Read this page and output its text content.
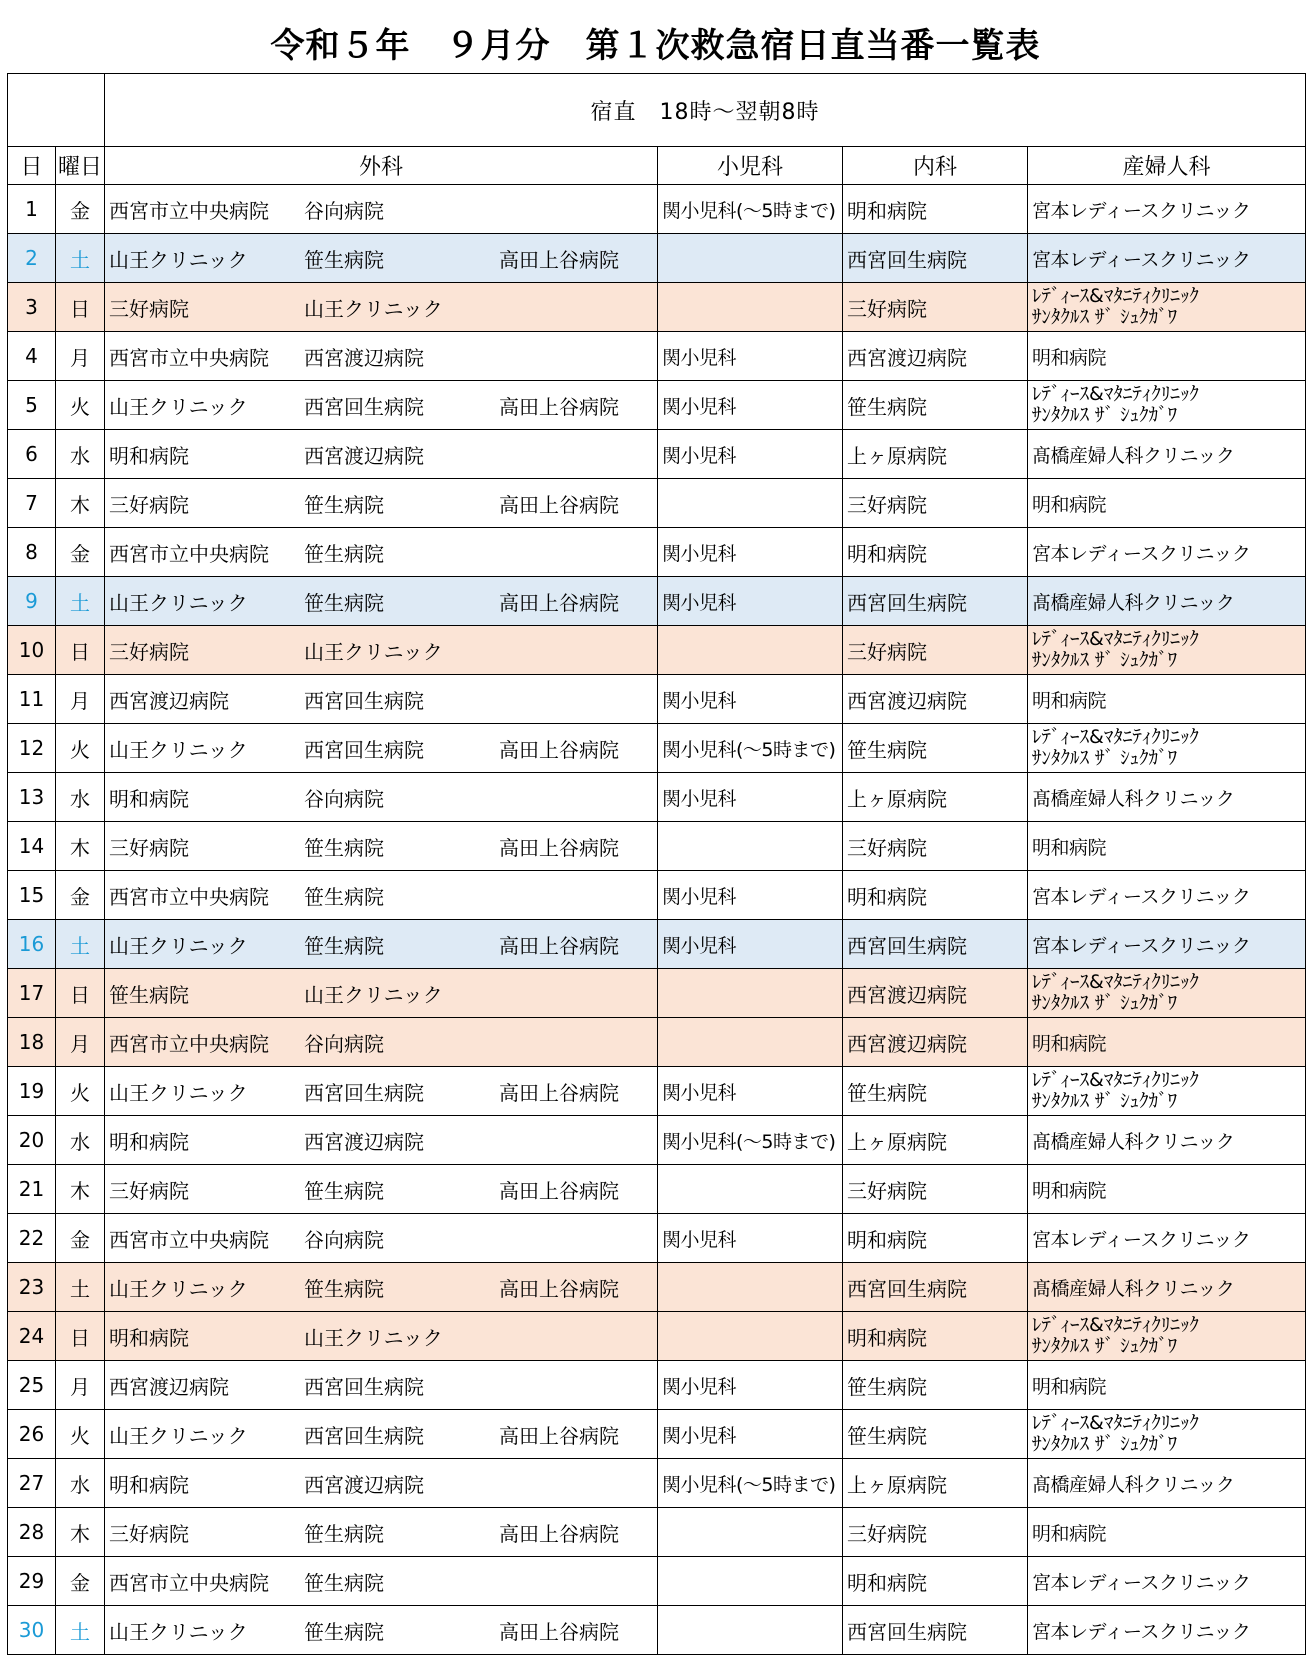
令和５年　９月分　第１次救急宿日直当番一覧表
		宿直　18時～翌朝8時			
日	曜日	外科	小児科	内科	産婦人科
1	金	西宮市立中央病院 谷向病院	関小児科(～5時まで)	明和病院	宮本レディースクリニック
2	土	山王クリニック 笹生病院 高田上谷病院		西宮回生病院	宮本レディースクリニック
3	日	三好病院 山王クリニック		三好病院	ﾚﾃﾞｨｰｽ&ﾏﾀﾆﾃｨｸﾘﾆｯｸ
ｻﾝﾀｸﾙｽ ｻﾞ ｼｭｸｶﾞﾜ

4	月	西宮市立中央病院 西宮渡辺病院	関小児科	西宮渡辺病院	明和病院
5	火	山王クリニック 西宮回生病院 高田上谷病院	関小児科	笹生病院	ﾚﾃﾞｨｰｽ&ﾏﾀﾆﾃｨｸﾘﾆｯｸ
ｻﾝﾀｸﾙｽ ｻﾞ ｼｭｸｶﾞﾜ

6	水	明和病院 西宮渡辺病院	関小児科	上ヶ原病院	髙橋産婦人科クリニック
7	木	三好病院 笹生病院 高田上谷病院		三好病院	明和病院
8	金	西宮市立中央病院 笹生病院	関小児科	明和病院	宮本レディースクリニック
9	土	山王クリニック 笹生病院 高田上谷病院	関小児科	西宮回生病院	髙橋産婦人科クリニック
10	日	三好病院 山王クリニック		三好病院	ﾚﾃﾞｨｰｽ&ﾏﾀﾆﾃｨｸﾘﾆｯｸ
ｻﾝﾀｸﾙｽ ｻﾞ ｼｭｸｶﾞﾜ

11	月	西宮渡辺病院 西宮回生病院	関小児科	西宮渡辺病院	明和病院
12	火	山王クリニック 西宮回生病院 高田上谷病院	関小児科(～5時まで)	笹生病院	ﾚﾃﾞｨｰｽ&ﾏﾀﾆﾃｨｸﾘﾆｯｸ
ｻﾝﾀｸﾙｽ ｻﾞ ｼｭｸｶﾞﾜ

13	水	明和病院 谷向病院	関小児科	上ヶ原病院	髙橋産婦人科クリニック
14	木	三好病院 笹生病院 高田上谷病院		三好病院	明和病院
15	金	西宮市立中央病院 笹生病院	関小児科	明和病院	宮本レディースクリニック
16	土	山王クリニック 笹生病院 高田上谷病院	関小児科	西宮回生病院	宮本レディースクリニック
17	日	笹生病院 山王クリニック		西宮渡辺病院	ﾚﾃﾞｨｰｽ&ﾏﾀﾆﾃｨｸﾘﾆｯｸ
ｻﾝﾀｸﾙｽ ｻﾞ ｼｭｸｶﾞﾜ

18	月	西宮市立中央病院 谷向病院		西宮渡辺病院	明和病院
19	火	山王クリニック 西宮回生病院 高田上谷病院	関小児科	笹生病院	ﾚﾃﾞｨｰｽ&ﾏﾀﾆﾃｨｸﾘﾆｯｸ
ｻﾝﾀｸﾙｽ ｻﾞ ｼｭｸｶﾞﾜ

20	水	明和病院 西宮渡辺病院	関小児科(～5時まで)	上ヶ原病院	髙橋産婦人科クリニック
21	木	三好病院 笹生病院 高田上谷病院		三好病院	明和病院
22	金	西宮市立中央病院 谷向病院	関小児科	明和病院	宮本レディースクリニック
23	土	山王クリニック 笹生病院 高田上谷病院		西宮回生病院	髙橋産婦人科クリニック
24	日	明和病院 山王クリニック		明和病院	ﾚﾃﾞｨｰｽ&ﾏﾀﾆﾃｨｸﾘﾆｯｸ
ｻﾝﾀｸﾙｽ ｻﾞ ｼｭｸｶﾞﾜ

25	月	西宮渡辺病院 西宮回生病院	関小児科	笹生病院	明和病院
26	火	山王クリニック 西宮回生病院 高田上谷病院	関小児科	笹生病院	ﾚﾃﾞｨｰｽ&ﾏﾀﾆﾃｨｸﾘﾆｯｸ
ｻﾝﾀｸﾙｽ ｻﾞ ｼｭｸｶﾞﾜ

27	水	明和病院 西宮渡辺病院	関小児科(～5時まで)	上ヶ原病院	髙橋産婦人科クリニック
28	木	三好病院 笹生病院 高田上谷病院		三好病院	明和病院
29	金	西宮市立中央病院 笹生病院		明和病院	宮本レディースクリニック
30	土	山王クリニック 笹生病院 高田上谷病院		西宮回生病院	宮本レディースクリニック
